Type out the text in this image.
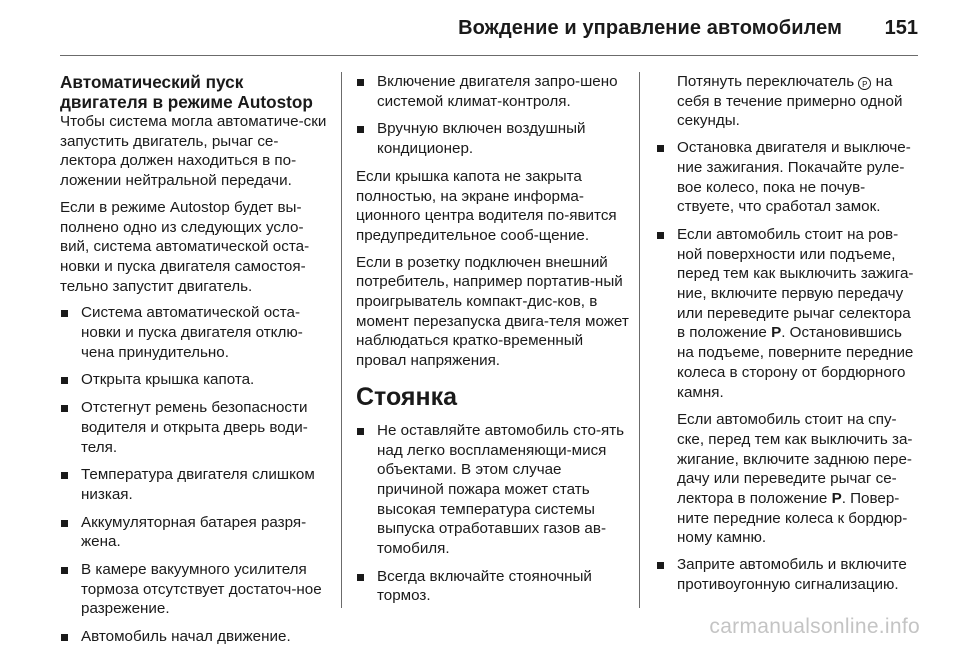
Вождение и управление автомобилем 151
Автоматический пуск двигателя в режиме Autostop

Чтобы система могла автоматиче-ски запустить двигатель, рычаг се-лектора должен находиться в по-ложении нейтральной передачи.

Если в режиме Autostop будет вы-полнено одно из следующих усло-вий, система автоматической оста-новки и пуска двигателя самостоя-тельно запустит двигатель.

Система автоматической оста-новки и пуска двигателя отклю-чена принудительно.
Открыта крышка капота.
Отстегнут ремень безопасности водителя и открыта дверь води-теля.
Температура двигателя слишком низкая.
Аккумуляторная батарея разря-жена.
В камере вакуумного усилителя тормоза отсутствует достаточ-ное разрежение.
Автомобиль начал движение.
Включение двигателя запро-шено системой климат-контроля.
Вручную включен воздушный кондиционер.

Если крышка капота не закрыта полностью, на экране информа-ционного центра водителя по-явится предупредительное сооб-щение.

Если в розетку подключен внешний потребитель, например портатив-ный проигрыватель компакт-дис-ков, в момент перезапуска двига-теля может наблюдаться кратко-временный провал напряжения.

Стоянка
Не оставляйте автомобиль сто-ять над легко воспламеняющи-мися объектами. В этом случае причиной пожара может стать высокая температура системы выпуска отработавших газов ав-томобиля.
Всегда включайте стояночный тормоз.

Потянуть переключатель P на себя в течение примерно одной секунды.

Остановка двигателя и выключе-ние зажигания. Покачайте руле-вое колесо, пока не почув-ствуете, что сработал замок.
Если автомобиль стоит на ров-ной поверхности или подъеме, перед тем как выключить зажига-ние, включите первую передачу или переведите рычаг селектора в положение P. Остановившись на подъеме, поверните передние колеса в сторону от бордюрного камня.

Если автомобиль стоит на спу-ске, перед тем как выключить за-жигание, включите заднюю пере-дачу или переведите рычаг се-лектора в положение P. Повер-ните передние колеса к бордюр-ному камню.

Заприте автомобиль и включите противоугонную сигнализацию.
carmanualsonline.info
